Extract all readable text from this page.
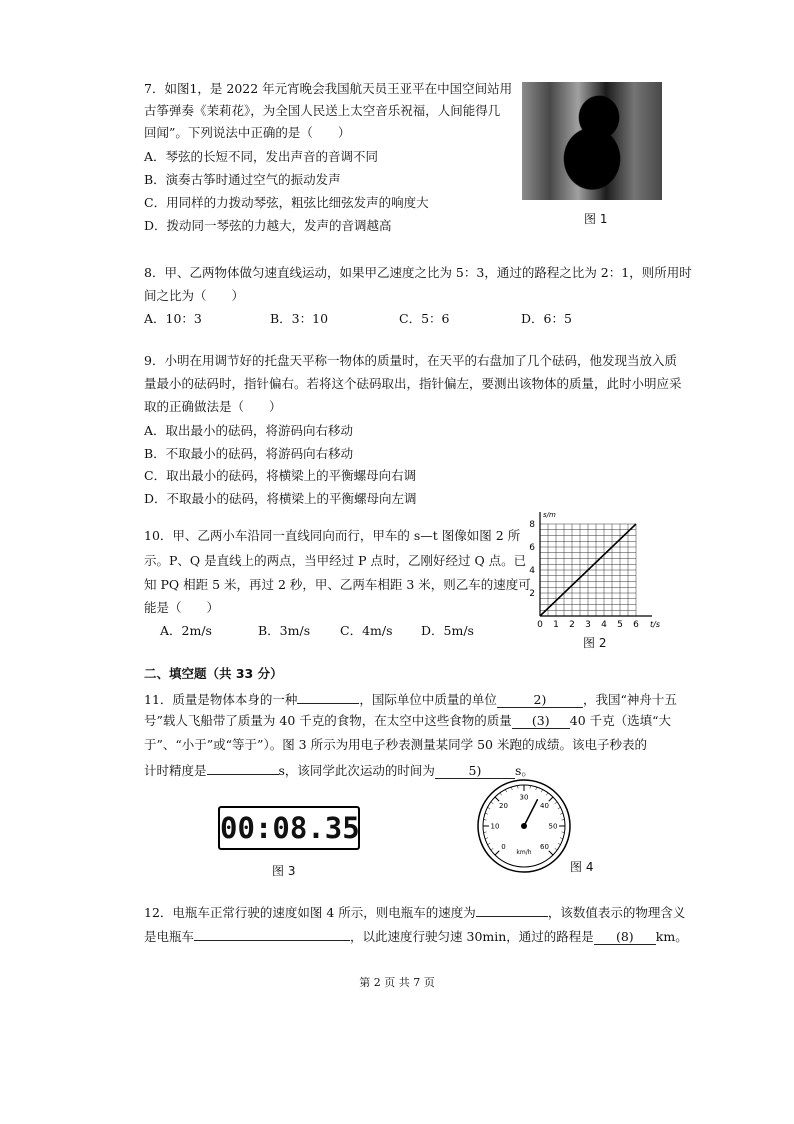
7．如图1，是 2022 年元宵晚会我国航天员王亚平在中国空间站用
古筝弹奏《茉莉花》，为全国人民送上太空音乐祝福，人间能得几
回闻”。下列说法中正确的是（　　）
A．琴弦的长短不同，发出声音的音调不同
B．演奏古筝时通过空气的振动发声
C．用同样的力拨动琴弦，粗弦比细弦发声的响度大
D．拨动同一琴弦的力越大，发声的音调越高	图 1
8．甲、乙两物体做匀速直线运动，如果甲乙速度之比为 5：3，通过的路程之比为 2：1，则所用时
间之比为（　　）
A．10：3	B．3：10	C．5：6	D．6：5
9．小明在用调节好的托盘天平称一物体的质量时，在天平的右盘加了几个砝码，他发现当放入质
量最小的砝码时，指针偏右。若将这个砝码取出，指针偏左，要测出该物体的质量，此时小明应采
取的正确做法是（　　）
A．取出最小的砝码，将游码向右移动
B．不取最小的砝码，将游码向右移动
C．取出最小的砝码，将横梁上的平衡螺母向右调
D．不取最小的砝码，将横梁上的平衡螺母向左调
10．甲、乙两小车沿同一直线同向而行，甲车的 s—t 图像如图 2 所
示。P、Q 是直线上的两点，当甲经过 P 点时，乙刚好经过 Q 点。已
知 PQ 相距 5 米，再过 2 秒，甲、乙两车相距 3 米，则乙车的速度可
能是（　　）
A．2m/s	B．3m/s C．4m/s D．5m/s	0 1 2 3 4 5 6
2
4
6
8
t/s
s/m
图 2
二、填空题（共 33 分）
11．质量是物体本身的一种	，国际单位中质量的单位	2)	，我国“神舟十五
号”载人飞船带了质量为 40 千克的食物，在太空中这些食物的质量 (3) 40 千克（选填“大
于”、“小于”或“等于”）。图 3 所示为用电子秒表测量某同学 50 米跑的成绩。该电子秒表的
计时精度是	s，该同学此次运动的时间为	5)	s。
00:08.35
图 3
0
10
20
30
40
50
60
km/h
图 4
12．电瓶车正常行驶的速度如图 4 所示，则电瓶车的速度为	，该数值表示的物理含义
是电瓶车	，以此速度行驶匀速 30min，通过的路程是 (8) km。
第 2 页 共 7 页
